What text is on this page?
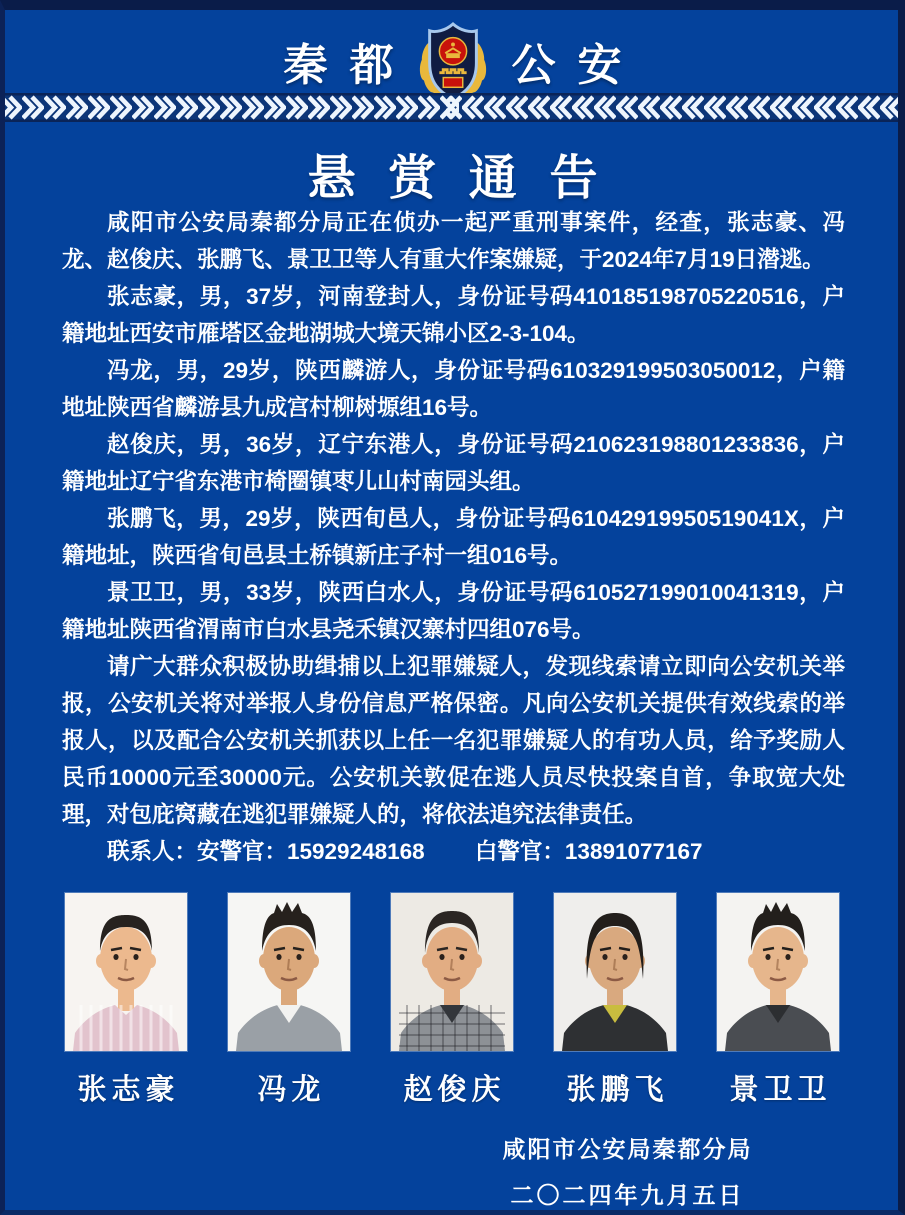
秦都 公安
悬赏通告

咸阳市公安局秦都分局正在侦办一起严重刑事案件，经查，张志豪、冯龙、赵俊庆、张鹏飞、景卫卫等人有重大作案嫌疑，于2024年7月19日潜逃。

张志豪，男，37岁，河南登封人，身份证号码410185198705220516，户籍地址西安市雁塔区金地湖城大境天锦小区2-3-104。

冯龙，男，29岁，陕西麟游人，身份证号码610329199503050012，户籍地址陕西省麟游县九成宫村柳树塬组16号。

赵俊庆，男，36岁，辽宁东港人，身份证号码210623198801233836，户籍地址辽宁省东港市椅圈镇枣儿山村南园头组。

张鹏飞，男，29岁，陕西旬邑人，身份证号码61042919950519041X，户籍地址，陕西省旬邑县土桥镇新庄子村一组016号。

景卫卫，男，33岁，陕西白水人，身份证号码610527199010041319，户籍地址陕西省渭南市白水县尧禾镇汉寨村四组076号。

请广大群众积极协助缉捕以上犯罪嫌疑人，发现线索请立即向公安机关举报，公安机关将对举报人身份信息严格保密。凡向公安机关提供有效线索的举报人，以及配合公安机关抓获以上任一名犯罪嫌疑人的有功人员，给予奖励人民币10000元至30000元。公安机关敦促在逃人员尽快投案自首，争取宽大处理，对包庇窝藏在逃犯罪嫌疑人的，将依法追究法律责任。

联系人：安警官：15929248168 白警官：13891077167

张志豪	冯龙	赵俊庆	张鹏飞	景卫卫
咸阳市公安局秦都分局
二〇二四年九月五日
